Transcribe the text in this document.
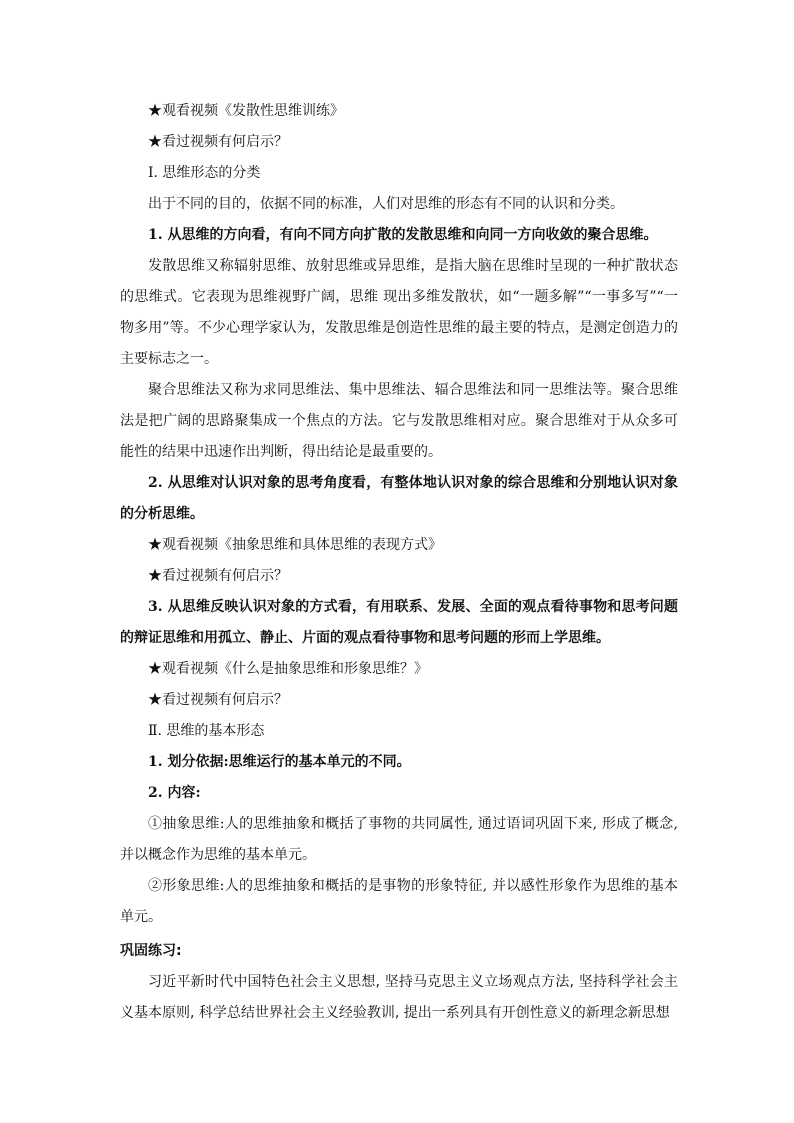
★观看视频《发散性思维训练》
★看过视频有何启示？
Ⅰ. 思维形态的分类
出于不同的目的，依据不同的标准，人们对思维的形态有不同的认识和分类。
1. 从思维的方向看，有向不同方向扩散的发散思维和向同一方向收敛的聚合思维。

发散思维又称辐射思维、放射思维或异思维，是指大脑在思维时呈现的一种扩散状态的思维式。它表现为思维视野广阔，思维 现出多维发散状，如“一题多解”“一事多写”“一物多用”等。不少心理学家认为，发散思维是创造性思维的最主要的特点，是测定创造力的主要标志之一。

聚合思维法又称为求同思维法、集中思维法、辐合思维法和同一思维法等。聚合思维法是把广阔的思路聚集成一个焦点的方法。它与发散思维相对应。聚合思维对于从众多可能性的结果中迅速作出判断，得出结论是最重要的。

2. 从思维对认识对象的思考角度看，有整体地认识对象的综合思维和分别地认识对象的分析思维。

★观看视频《抽象思维和具体思维的表现方式》
★看过视频有何启示？

3. 从思维反映认识对象的方式看，有用联系、发展、全面的观点看待事物和思考问题的辩证思维和用孤立、静止、片面的观点看待事物和思考问题的形而上学思维。

★观看视频《什么是抽象思维和形象思维？》
★看过视频有何启示？
Ⅱ. 思维的基本形态
1. 划分依据:思维运行的基本单元的不同。
2. 内容:

①抽象思维:人的思维抽象和概括了事物的共同属性, 通过语词巩固下来, 形成了概念, 并以概念作为思维的基本单元。

②形象思维:人的思维抽象和概括的是事物的形象特征, 并以感性形象作为思维的基本单元。

巩固练习:

习近平新时代中国特色社会主义思想, 坚持马克思主义立场观点方法, 坚持科学社会主义基本原则, 科学总结世界社会主义经验教训, 提出一系列具有开创性意义的新理念新思想
